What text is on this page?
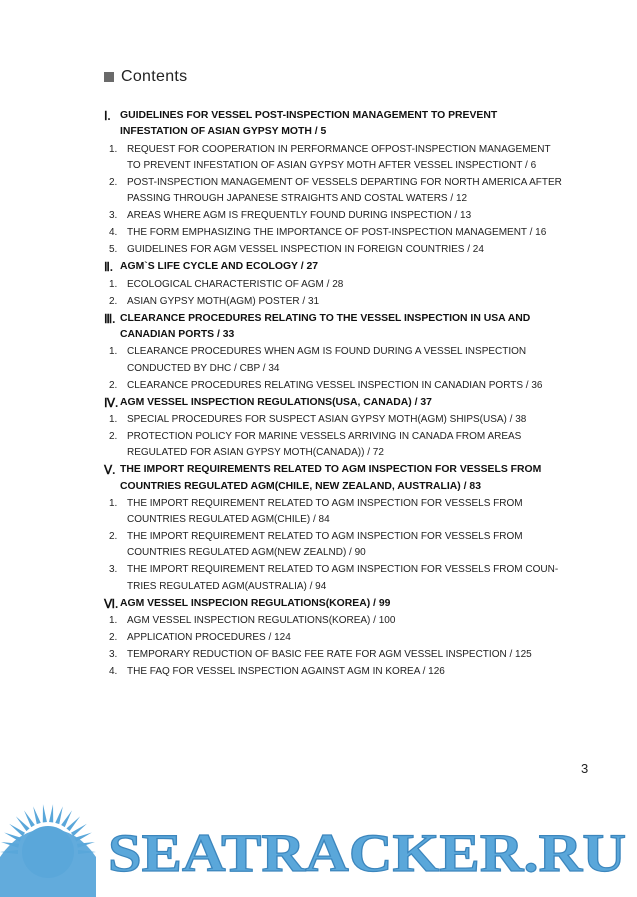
Contents
Ⅰ. GUIDELINES FOR VESSEL POST-INSPECTION MANAGEMENT TO PREVENT INFESTATION OF ASIAN GYPSY MOTH / 5
1. REQUEST FOR COOPERATION IN PERFORMANCE OFPOST-INSPECTION MANAGEMENT TO PREVENT INFESTATION OF ASIAN GYPSY MOTH AFTER VESSEL INSPECTIONT / 6
2. POST-INSPECTION MANAGEMENT OF VESSELS DEPARTING FOR NORTH AMERICA AFTER PASSING THROUGH JAPANESE STRAIGHTS AND COSTAL WATERS / 12
3. AREAS WHERE AGM IS FREQUENTLY FOUND DURING INSPECTION / 13
4. THE FORM EMPHASIZING THE IMPORTANCE OF POST-INSPECTION MANAGEMENT / 16
5. GUIDELINES FOR AGM VESSEL INSPECTION IN FOREIGN COUNTRIES / 24
Ⅱ. AGM`S LIFE CYCLE AND ECOLOGY / 27
1. ECOLOGICAL CHARACTERISTIC OF AGM / 28
2. ASIAN GYPSY MOTH(AGM) POSTER / 31
Ⅲ. CLEARANCE PROCEDURES RELATING TO THE VESSEL INSPECTION IN USA AND CANADIAN PORTS / 33
1. CLEARANCE PROCEDURES WHEN AGM IS FOUND DURING A VESSEL INSPECTION CONDUCTED BY DHC / CBP / 34
2. CLEARANCE PROCEDURES RELATING VESSEL INSPECTION IN CANADIAN PORTS / 36
Ⅳ. AGM VESSEL INSPECTION REGULATIONS(USA, CANADA) / 37
1. SPECIAL PROCEDURES FOR SUSPECT ASIAN GYPSY MOTH(AGM) SHIPS(USA) / 38
2. PROTECTION POLICY FOR MARINE VESSELS ARRIVING IN CANADA FROM AREAS REGULATED FOR ASIAN GYPSY MOTH(CANADA)) / 72
Ⅴ. THE IMPORT REQUIREMENTS RELATED TO AGM INSPECTION FOR VESSELS FROM COUNTRIES REGULATED AGM(CHILE, NEW ZEALAND, AUSTRALIA) / 83
1. THE IMPORT REQUIREMENT RELATED TO AGM INSPECTION FOR VESSELS FROM COUNTRIES REGULATED AGM(CHILE) / 84
2. THE IMPORT REQUIREMENT RELATED TO AGM INSPECTION FOR VESSELS FROM COUNTRIES REGULATED AGM(NEW ZEALND) / 90
3. THE IMPORT REQUIREMENT RELATED TO AGM INSPECTION FOR VESSELS FROM COUN-TRIES REGULATED AGM(AUSTRALIA) / 94
Ⅵ. AGM VESSEL INSPECION REGULATIONS(KOREA) / 99
1. AGM VESSEL INSPECTION REGULATIONS(KOREA) / 100
2. APPLICATION PROCEDURES / 124
3. TEMPORARY REDUCTION OF BASIC FEE RATE FOR AGM VESSEL INSPECTION / 125
4. THE FAQ FOR VESSEL INSPECTION AGAINST AGM IN KOREA / 126
3
SEATRACKER.RU
